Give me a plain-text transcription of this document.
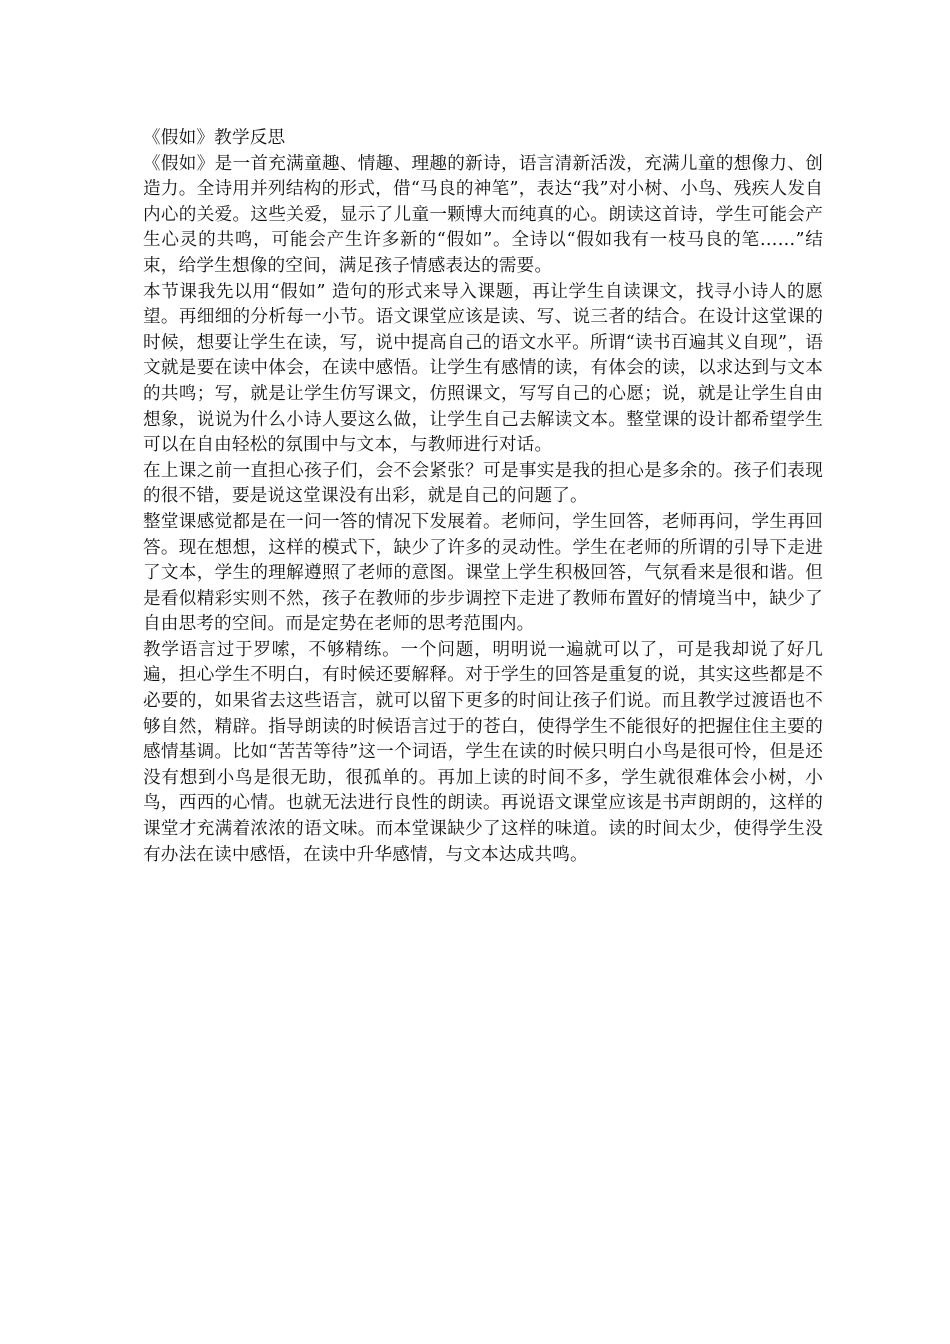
《假如》教学反思

《假如》是一首充满童趣、情趣、理趣的新诗，语言清新活泼，充满儿童的想像力、创造力。全诗用并列结构的形式，借“马良的神笔”，表达“我”对小树、小鸟、残疾人发自内心的关爱。这些关爱，显示了儿童一颗博大而纯真的心。朗读这首诗，学生可能会产生心灵的共鸣，可能会产生许多新的“假如”。全诗以“假如我有一枝马良的笔……”结束，给学生想像的空间，满足孩子情感表达的需要。

本节课我先以用“假如” 造句的形式来导入课题，再让学生自读课文，找寻小诗人的愿望。再细细的分析每一小节。语文课堂应该是读、写、说三者的结合。在设计这堂课的时候，想要让学生在读，写，说中提高自己的语文水平。所谓“读书百遍其义自现”，语文就是要在读中体会，在读中感悟。让学生有感情的读，有体会的读，以求达到与文本的共鸣；写，就是让学生仿写课文，仿照课文，写写自己的心愿；说，就是让学生自由想象，说说为什么小诗人要这么做，让学生自己去解读文本。整堂课的设计都希望学生可以在自由轻松的氛围中与文本，与教师进行对话。

在上课之前一直担心孩子们，会不会紧张？可是事实是我的担心是多余的。孩子们表现的很不错，要是说这堂课没有出彩，就是自己的问题了。

整堂课感觉都是在一问一答的情况下发展着。老师问，学生回答，老师再问，学生再回答。现在想想，这样的模式下，缺少了许多的灵动性。学生在老师的所谓的引导下走进了文本，学生的理解遵照了老师的意图。课堂上学生积极回答，气氛看来是很和谐。但是看似精彩实则不然，孩子在教师的步步调控下走进了教师布置好的情境当中，缺少了自由思考的空间。而是定势在老师的思考范围内。

教学语言过于罗嗦，不够精练。一个问题，明明说一遍就可以了，可是我却说了好几遍，担心学生不明白，有时候还要解释。对于学生的回答是重复的说，其实这些都是不必要的，如果省去这些语言，就可以留下更多的时间让孩子们说。而且教学过渡语也不够自然，精辟。指导朗读的时候语言过于的苍白，使得学生不能很好的把握住住主要的感情基调。比如“苦苦等待”这一个词语，学生在读的时候只明白小鸟是很可怜，但是还没有想到小鸟是很无助，很孤单的。再加上读的时间不多，学生就很难体会小树，小鸟，西西的心情。也就无法进行良性的朗读。再说语文课堂应该是书声朗朗的，这样的课堂才充满着浓浓的语文味。而本堂课缺少了这样的味道。读的时间太少，使得学生没有办法在读中感悟，在读中升华感情，与文本达成共鸣。
